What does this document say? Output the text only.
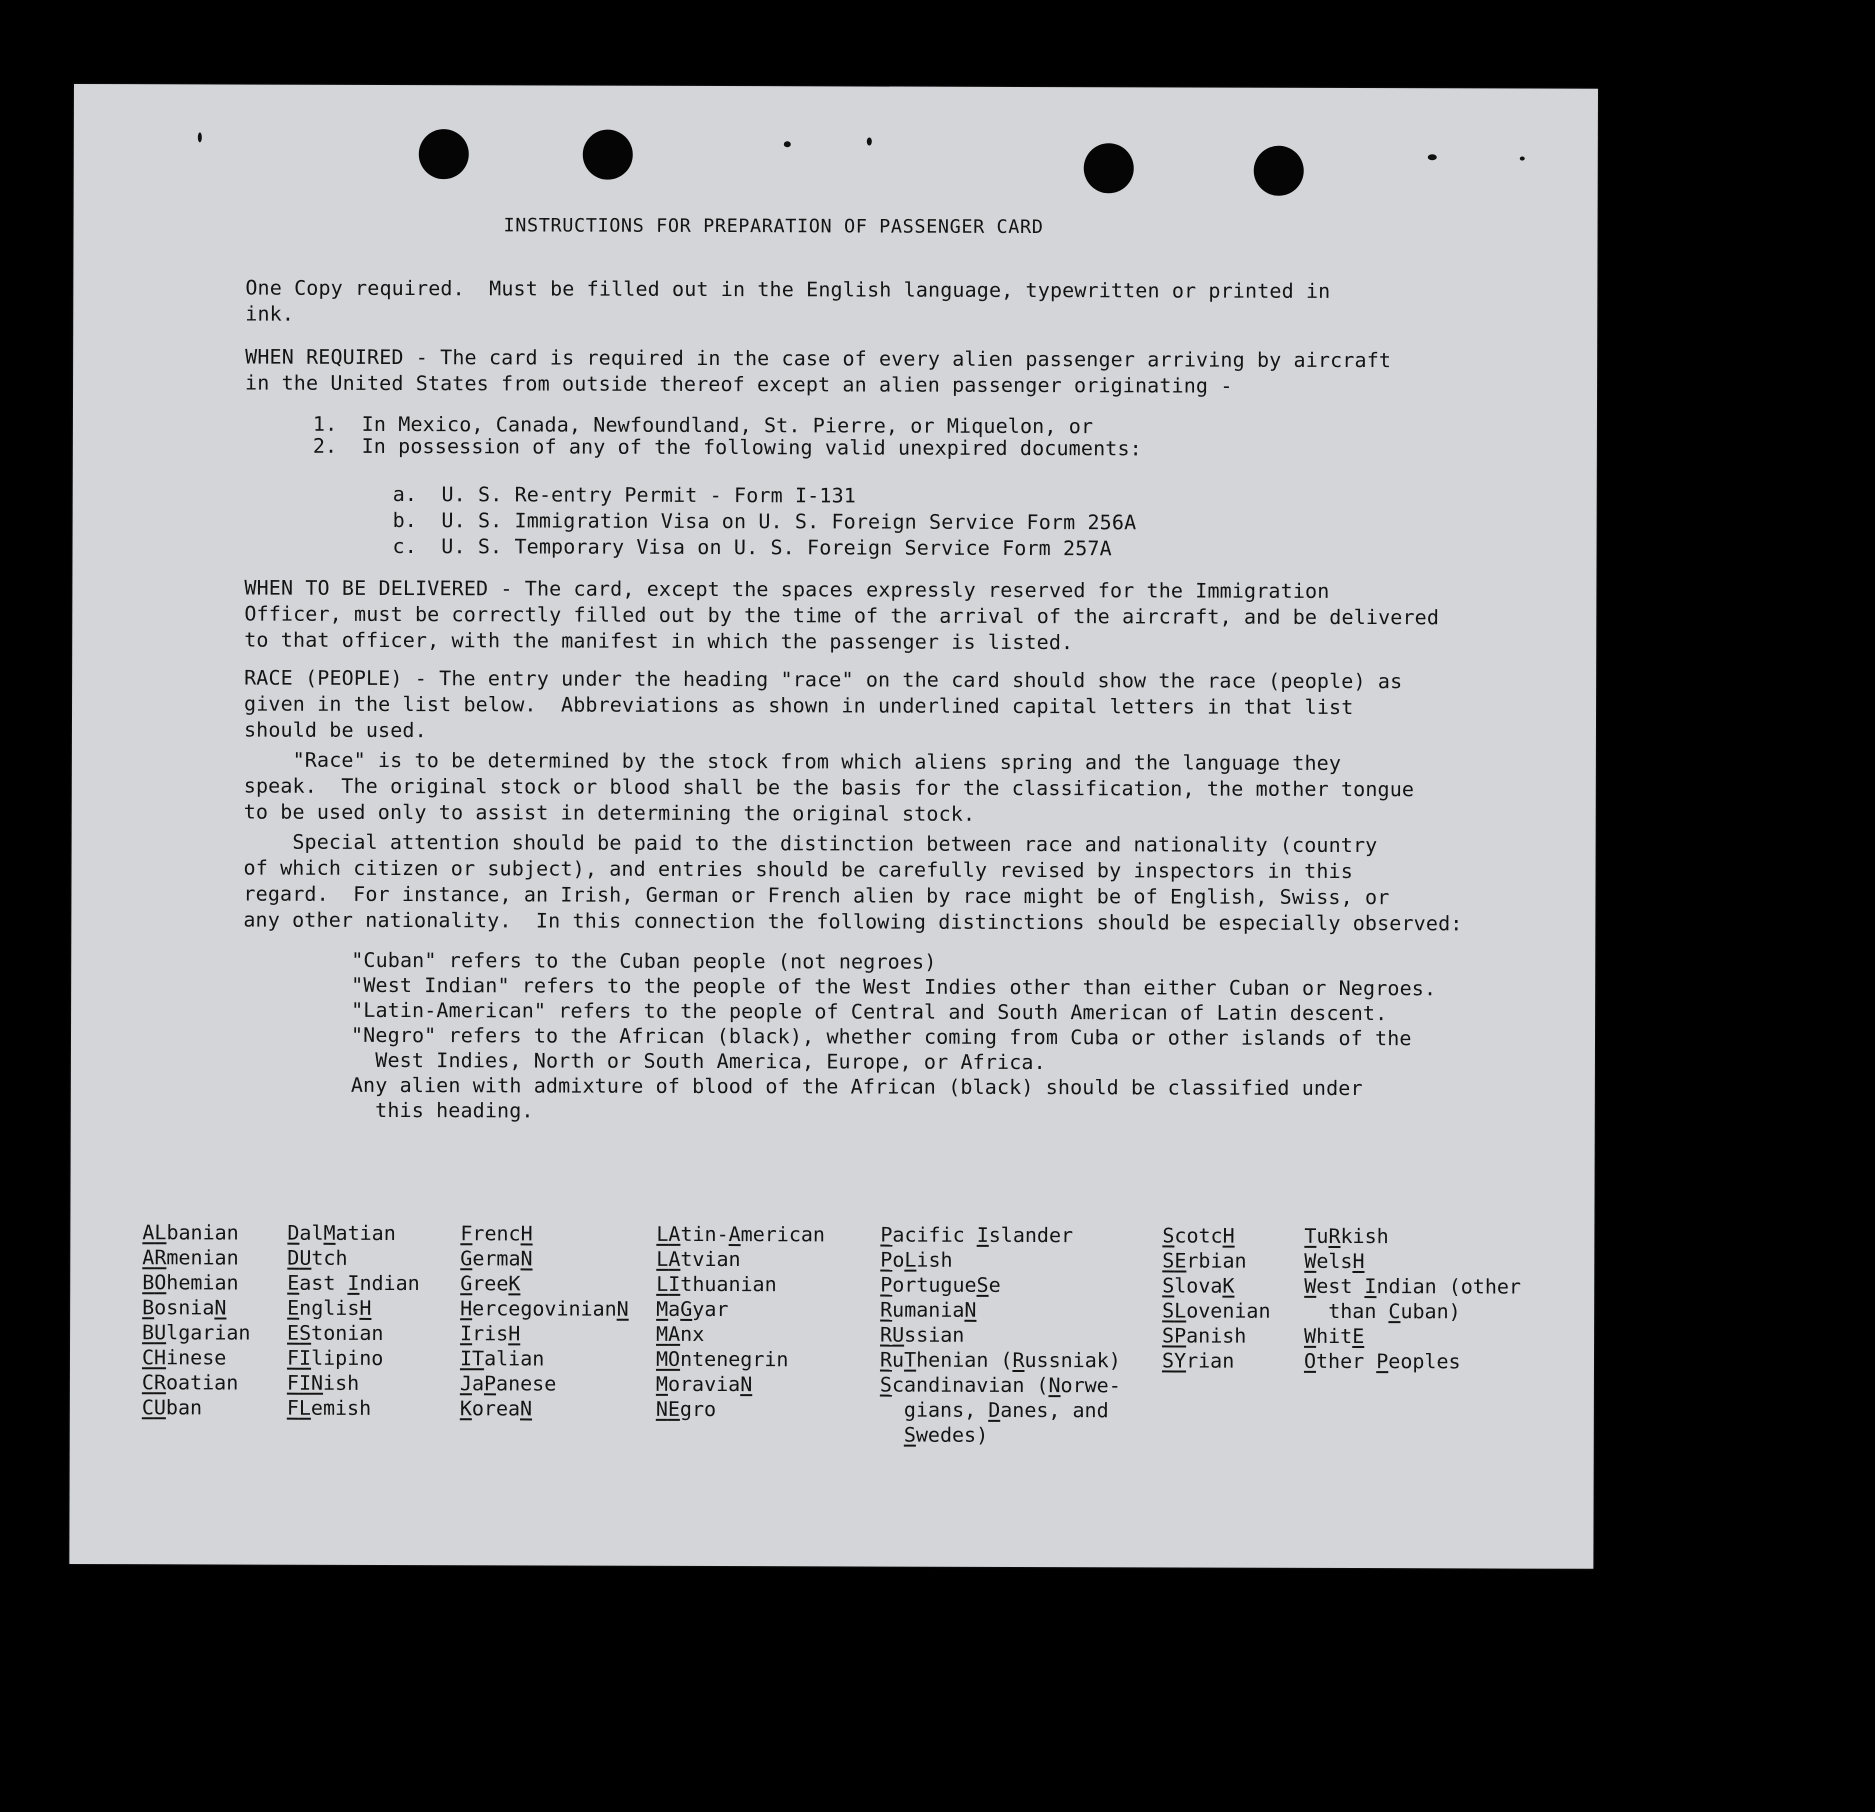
INSTRUCTIONS FOR PREPARATION OF PASSENGER CARD
One Copy required.  Must be filled out in the English language, typewritten or printed in
ink.
WHEN REQUIRED - The card is required in the case of every alien passenger arriving by aircraft
in the United States from outside thereof except an alien passenger originating -
1.  In Mexico, Canada, Newfoundland, St. Pierre, or Miquelon, or
2.  In possession of any of the following valid unexpired documents:
a.  U. S. Re-entry Permit - Form I-131
b.  U. S. Immigration Visa on U. S. Foreign Service Form 256A
c.  U. S. Temporary Visa on U. S. Foreign Service Form 257A
WHEN TO BE DELIVERED - The card, except the spaces expressly reserved for the Immigration
Officer, must be correctly filled out by the time of the arrival of the aircraft, and be delivered
to that officer, with the manifest in which the passenger is listed.
RACE (PEOPLE) - The entry under the heading "race" on the card should show the race (people) as
given in the list below.  Abbreviations as shown in underlined capital letters in that list
should be used.
"Race" is to be determined by the stock from which aliens spring and the language they
speak.  The original stock or blood shall be the basis for the classification, the mother tongue
to be used only to assist in determining the original stock.
Special attention should be paid to the distinction between race and nationality (country
of which citizen or subject), and entries should be carefully revised by inspectors in this
regard.  For instance, an Irish, German or French alien by race might be of English, Swiss, or
any other nationality.  In this connection the following distinctions should be especially observed:
"Cuban" refers to the Cuban people (not negroes)
"West Indian" refers to the people of the West Indies other than either Cuban or Negroes.
"Latin-American" refers to the people of Central and South American of Latin descent.
"Negro" refers to the African (black), whether coming from Cuba or other islands of the
West Indies, North or South America, Europe, or Africa.
Any alien with admixture of blood of the African (black) should be classified under
this heading.
ALbanian
ARmenian
BOhemian
BosniaN
BUlgarian
CHinese
CRoatian
CUban
DalMatian
DUtch
East Indian
EnglisH
EStonian
FIlipino
FINish
FLemish
FrencH
GermaN
GreeK
HercegovinianN
IrisH
ITalian
JaPanese
KoreaN
LAtin-American
LAtvian
LIthuanian
MaGyar
MAnx
MOntenegrin
MoraviaN
NEgro
Pacific Islander
PoLish
PortugueSe
RumaniaN
RUssian
RuThenian (Russniak)
Scandinavian (Norwe-
gians, Danes, and
Swedes)
ScotcH
SErbian
SlovaK
SLovenian
SPanish
SYrian
TuRkish
WelsH
West Indian (other
than Cuban)
WhitE
Other Peoples
